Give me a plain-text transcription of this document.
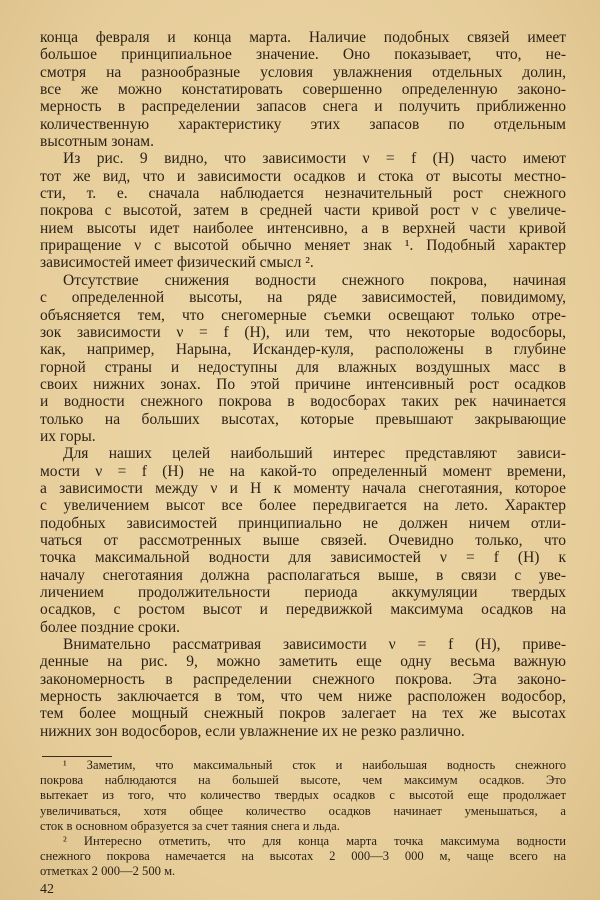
конца февраля и конца марта. Наличие подобных связей имеет
большое принципиальное значение. Оно показывает, что, не-
смотря на разнообразные условия увлажнения отдельных долин,
все же можно констатировать совершенно определенную законо-
мерность в распределении запасов снега и получить приближенно
количественную характеристику этих запасов по отдельным
высотным зонам.
Из рис. 9 видно, что зависимости ν = f (H) часто имеют
тот же вид, что и зависимости осадков и стока от высоты местно-
сти, т. е. сначала наблюдается незначительный рост снежного
покрова с высотой, затем в средней части кривой рост ν с увеличе-
нием высоты идет наиболее интенсивно, а в верхней части кривой
приращение ν с высотой обычно меняет знак ¹. Подобный характер
зависимостей имеет физический смысл ².
Отсутствие снижения водности снежного покрова, начиная
с определенной высоты, на ряде зависимостей, повидимому,
объясняется тем, что снегомерные съемки освещают только отре-
зок зависимости ν = f (H), или тем, что некоторые водосборы,
как, например, Нарына, Искандер-куля, расположены в глубине
горной страны и недоступны для влажных воздушных масс в
своих нижних зонах. По этой причине интенсивный рост осадков
и водности снежного покрова в водосборах таких рек начинается
только на больших высотах, которые превышают закрывающие
их горы.
Для наших целей наибольший интерес представляют зависи-
мости ν = f (H) не на какой-то определенный момент времени,
а зависимости между ν и H к моменту начала снеготаяния, которое
с увеличением высот все более передвигается на лето. Характер
подобных зависимостей принципиально не должен ничем отли-
чаться от рассмотренных выше связей. Очевидно только, что
точка максимальной водности для зависимостей ν = f (H) к
началу снеготаяния должна располагаться выше, в связи с уве-
личением продолжительности периода аккумуляции твердых
осадков, с ростом высот и передвижкой максимума осадков на
более поздние сроки.
Внимательно рассматривая зависимости ν = f (H), приве-
денные на рис. 9, можно заметить еще одну весьма важную
закономерность в распределении снежного покрова. Эта законо-
мерность заключается в том, что чем ниже расположен водосбор,
тем более мощный снежный покров залегает на тех же высотах
нижних зон водосборов, если увлажнение их не резко различно.
¹ Заметим, что максимальный сток и наибольшая водность снежного
покрова наблюдаются на большей высоте, чем максимум осадков. Это
вытекает из того, что количество твердых осадков с высотой еще продолжает
увеличиваться, хотя общее количество осадков начинает уменьшаться, а
сток в основном образуется за счет таяния снега и льда.
² Интересно отметить, что для конца марта точка максимума водности
снежного покрова намечается на высотах 2 000—3 000 м, чаще всего на
отметках 2 000—2 500 м.
42
